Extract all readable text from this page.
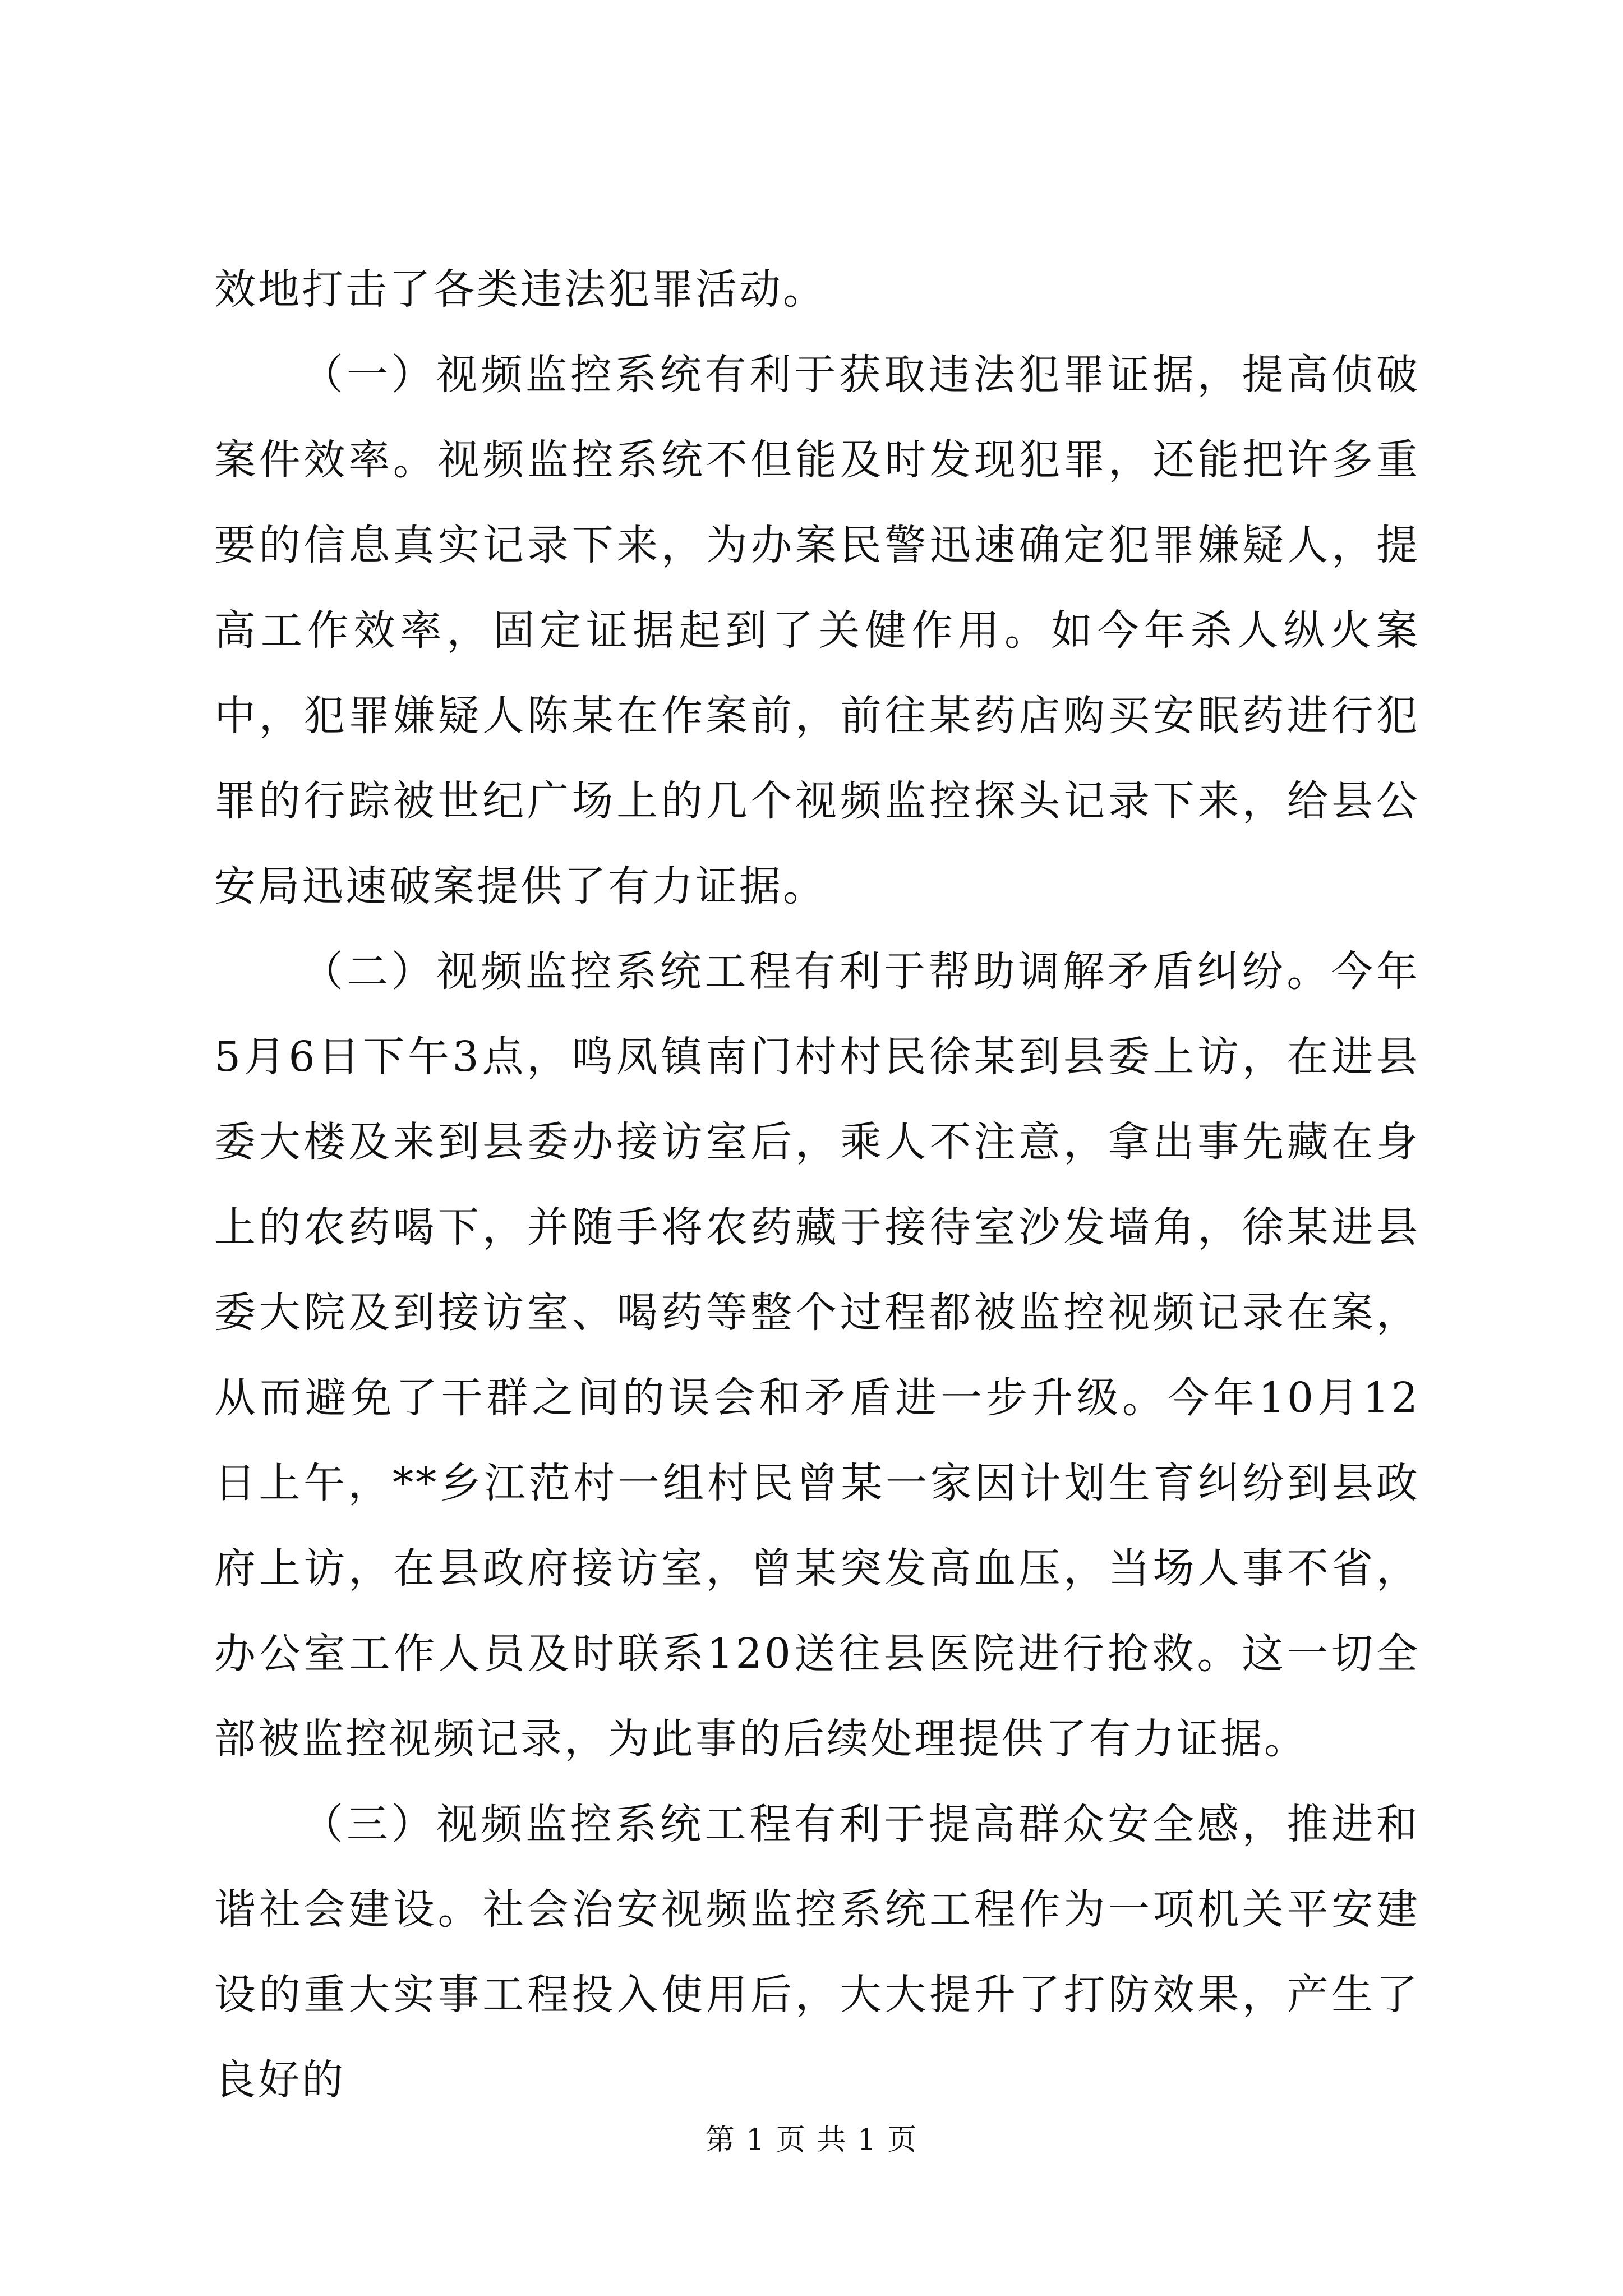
效地打击了各类违法犯罪活动。

（一）视频监控系统有利于获取违法犯罪证据，提高侦破案件效率。视频监控系统不但能及时发现犯罪，还能把许多重要的信息真实记录下来，为办案民警迅速确定犯罪嫌疑人，提高工作效率，固定证据起到了关健作用。如今年杀人纵火案中，犯罪嫌疑人陈某在作案前，前往某药店购买安眠药进行犯罪的行踪被世纪广场上的几个视频监控探头记录下来，给县公安局迅速破案提供了有力证据。

（二）视频监控系统工程有利于帮助调解矛盾纠纷。今年5月6日下午3点，鸣凤镇南门村村民徐某到县委上访，在进县委大楼及来到县委办接访室后，乘人不注意，拿出事先藏在身上的农药喝下，并随手将农药藏于接待室沙发墙角，徐某进县委大院及到接访室、喝药等整个过程都被监控视频记录在案，从而避免了干群之间的误会和矛盾进一步升级。今年10月12日上午，**乡江范村一组村民曾某一家因计划生育纠纷到县政府上访，在县政府接访室，曾某突发高血压，当场人事不省，办公室工作人员及时联系120送往县医院进行抢救。这一切全部被监控视频记录，为此事的后续处理提供了有力证据。

（三）视频监控系统工程有利于提高群众安全感，推进和谐社会建设。社会治安视频监控系统工程作为一项机关平安建设的重大实事工程投入使用后，大大提升了打防效果，产生了良好的

第 1 页 共 1 页
